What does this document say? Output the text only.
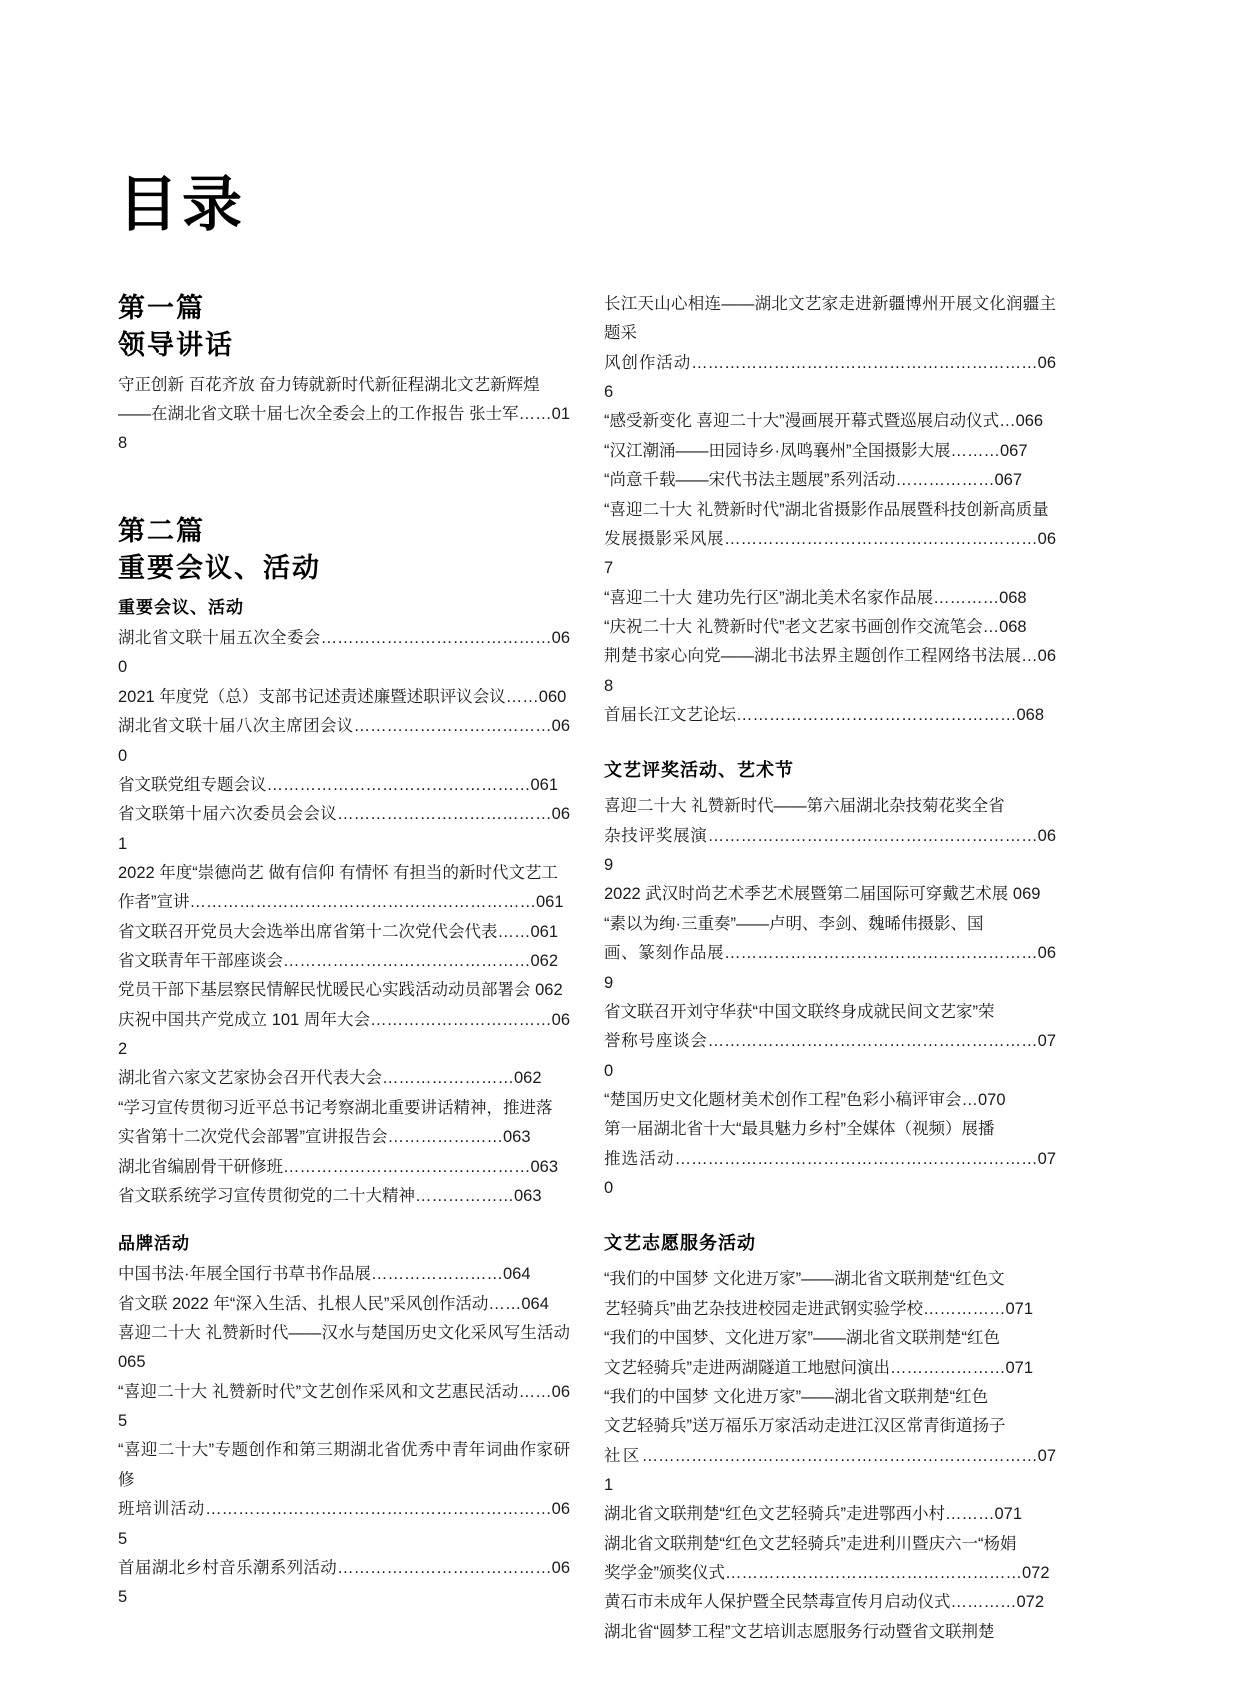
目录
第一篇
领导讲话
守正创新 百花齐放 奋力铸就新时代新征程湖北文艺新辉煌
——在湖北省文联十届七次全委会上的工作报告 张士军……018
第二篇
重要会议、活动
重要会议、活动
湖北省文联十届五次全委会……………………………………060
2021 年度党（总）支部书记述责述廉暨述职评议会议……060
湖北省文联十届八次主席团会议………………………………060
省文联党组专题会议…………………………………………061
省文联第十届六次委员会会议…………………………………061
2022 年度“崇德尚艺 做有信仰 有情怀 有担当的新时代文艺工
作者”宣讲………………………………………………………061
省文联召开党员大会选举出席省第十二次党代会代表……061
省文联青年干部座谈会………………………………………062
党员干部下基层察民情解民忧暖民心实践活动动员部署会 062
庆祝中国共产党成立 101 周年大会……………………………062
湖北省六家文艺家协会召开代表大会……………………062
“学习宣传贯彻习近平总书记考察湖北重要讲话精神，推进落
实省第十二次党代会部署”宣讲报告会…………………063
湖北省编剧骨干研修班………………………………………063
省文联系统学习宣传贯彻党的二十大精神………………063
品牌活动
中国书法·年展全国行书草书作品展……………………064
省文联 2022 年“深入生活、扎根人民”采风创作活动……064
喜迎二十大 礼赞新时代——汉水与楚国历史文化采风写生活动 065
“喜迎二十大 礼赞新时代”文艺创作采风和文艺惠民活动……065
“喜迎二十大”专题创作和第三期湖北省优秀中青年词曲作家研修
班培训活动………………………………………………………065
首届湖北乡村音乐潮系列活动…………………………………065
长江天山心相连——湖北文艺家走进新疆博州开展文化润疆主题采
风创作活动………………………………………………………066
“感受新变化 喜迎二十大”漫画展开幕式暨巡展启动仪式…066
“汉江潮涌——田园诗乡·凤鸣襄州”全国摄影大展………067
“尚意千载——宋代书法主题展”系列活动………………067
“喜迎二十大 礼赞新时代”湖北省摄影作品展暨科技创新高质量
发展摄影采风展…………………………………………………067
“喜迎二十大 建功先行区”湖北美术名家作品展…………068
“庆祝二十大 礼赞新时代”老文艺家书画创作交流笔会…068
荆楚书家心向党——湖北书法界主题创作工程网络书法展…068
首届长江文艺论坛……………………………………………068
文艺评奖活动、艺术节
喜迎二十大 礼赞新时代——第六届湖北杂技菊花奖全省
杂技评奖展演……………………………………………………069
2022 武汉时尚艺术季艺术展暨第二届国际可穿戴艺术展 069
“素以为绚·三重奏”——卢明、李剑、魏晞伟摄影、国
画、篆刻作品展…………………………………………………069
省文联召开刘守华获“中国文联终身成就民间文艺家”荣
誉称号座谈会……………………………………………………070
“楚国历史文化题材美术创作工程”色彩小稿评审会…070
第一届湖北省十大“最具魅力乡村”全媒体（视频）展播
推选活动…………………………………………………………070
文艺志愿服务活动
“我们的中国梦 文化进万家”——湖北省文联荆楚“红色文
艺轻骑兵”曲艺杂技进校园走进武钢实验学校……………071
“我们的中国梦、文化进万家”——湖北省文联荆楚“红色
文艺轻骑兵”走进两湖隧道工地慰问演出…………………071
“我们的中国梦 文化进万家”——湖北省文联荆楚“红色
文艺轻骑兵”送万福乐万家活动走进江汉区常青街道扬子
社区………………………………………………………………071
湖北省文联荆楚“红色文艺轻骑兵”走进鄂西小村………071
湖北省文联荆楚“红色文艺轻骑兵”走进利川暨庆六一“杨娟
奖学金”颁奖仪式………………………………………………072
黄石市未成年人保护暨全民禁毒宣传月启动仪式…………072
湖北省“圆梦工程”文艺培训志愿服务行动暨省文联荆楚
